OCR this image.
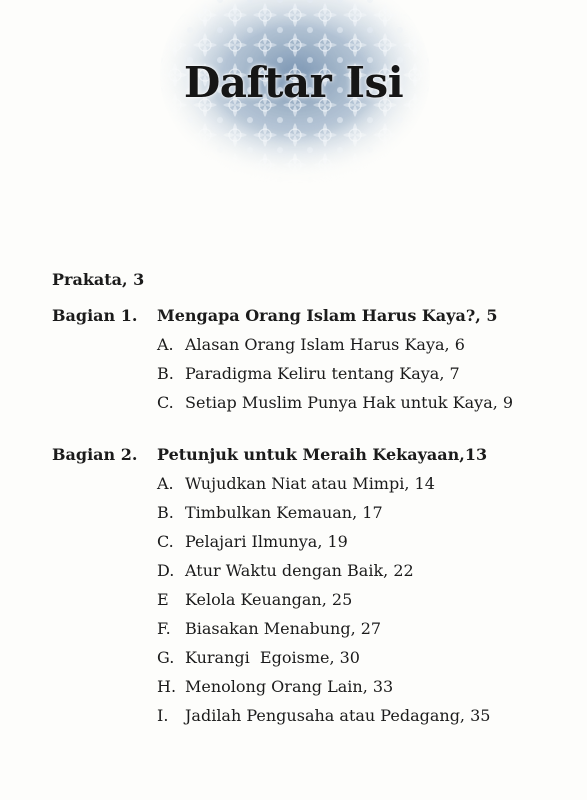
Daftar Isi
Prakata, 3
Bagian 1.	Mengapa Orang Islam Harus Kaya?, 5
A. Alasan Orang Islam Harus Kaya, 6
B. Paradigma Keliru tentang Kaya, 7
C. Setiap Muslim Punya Hak untuk Kaya, 9
Bagian 2.	Petunjuk untuk Meraih Kekayaan,13
A. Wujudkan Niat atau Mimpi, 14
B. Timbulkan Kemauan, 17
C. Pelajari Ilmunya, 19
D. Atur Waktu dengan Baik, 22
E	Kelola Keuangan, 25
F. Biasakan Menabung, 27
G. Kurangi  Egoisme, 30
H. Menolong Orang Lain, 33
I.	Jadilah Pengusaha atau Pedagang, 35
